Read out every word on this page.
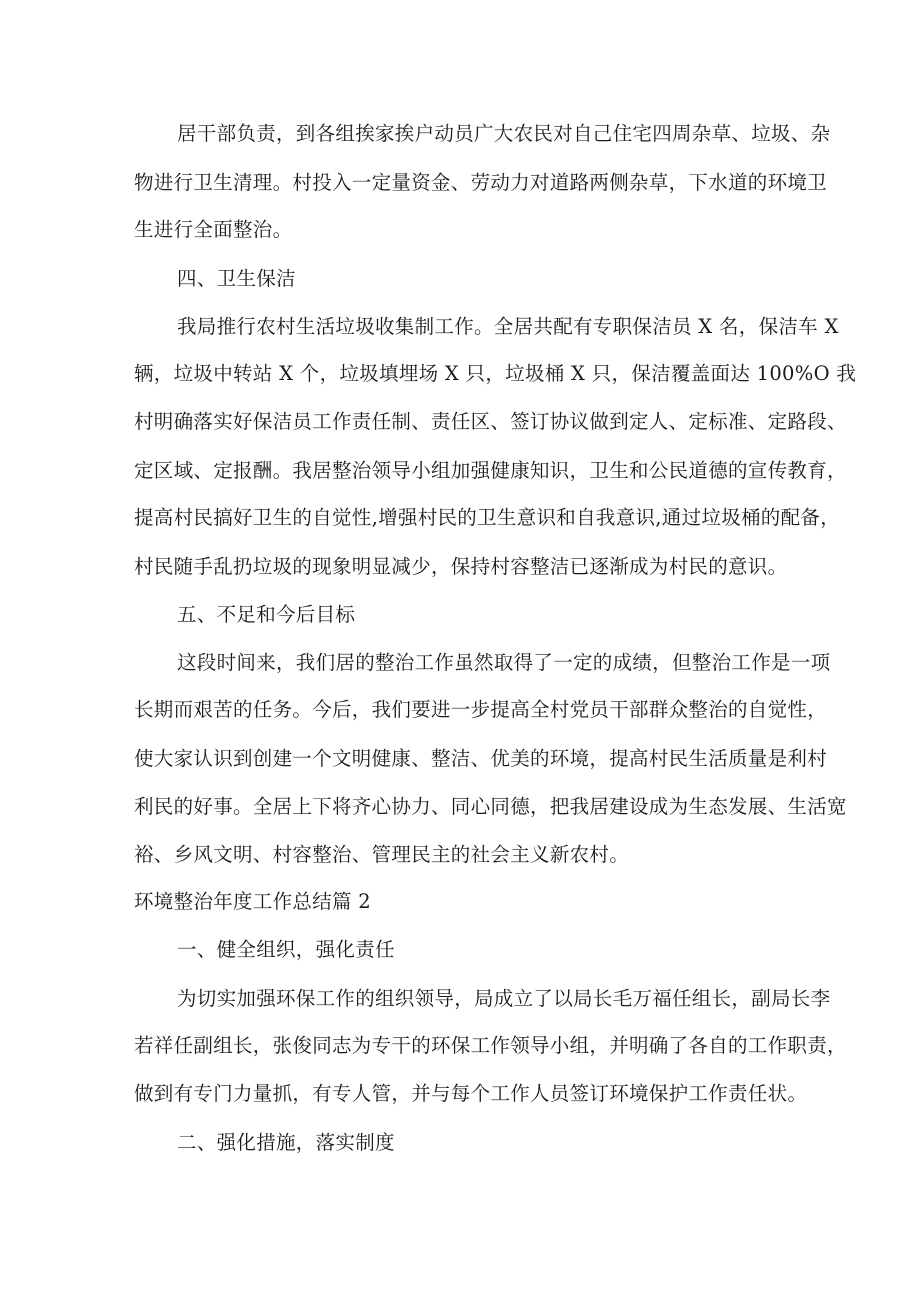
居干部负责，到各组挨家挨户动员广大农民对自己住宅四周杂草、垃圾、杂
物进行卫生清理。村投入一定量资金、劳动力对道路两侧杂草，下水道的环境卫
生进行全面整治。
四、卫生保洁
我局推行农村生活垃圾收集制工作。全居共配有专职保洁员 X 名，保洁车 X
辆，垃圾中转站 X 个，垃圾填埋场 X 只，垃圾桶 X 只，保洁覆盖面达 100%O 我
村明确落实好保洁员工作责任制、责任区、签订协议做到定人、定标准、定路段、
定区域、定报酬。我居整治领导小组加强健康知识，卫生和公民道德的宣传教育，
提高村民搞好卫生的自觉性,增强村民的卫生意识和自我意识,通过垃圾桶的配备，
村民随手乱扔垃圾的现象明显减少，保持村容整洁已逐渐成为村民的意识。
五、不足和今后目标
这段时间来，我们居的整治工作虽然取得了一定的成绩，但整治工作是一项
长期而艰苦的任务。今后，我们要进一步提高全村党员干部群众整治的自觉性，
使大家认识到创建一个文明健康、整洁、优美的环境，提高村民生活质量是利村
利民的好事。全居上下将齐心协力、同心同德，把我居建设成为生态发展、生活宽
裕、乡风文明、村容整治、管理民主的社会主义新农村。
环境整治年度工作总结篇 2
一、健全组织，强化责任
为切实加强环保工作的组织领导，局成立了以局长毛万福任组长，副局长李
若祥任副组长，张俊同志为专干的环保工作领导小组，并明确了各自的工作职责，
做到有专门力量抓，有专人管，并与每个工作人员签订环境保护工作责任状。
二、强化措施，落实制度
